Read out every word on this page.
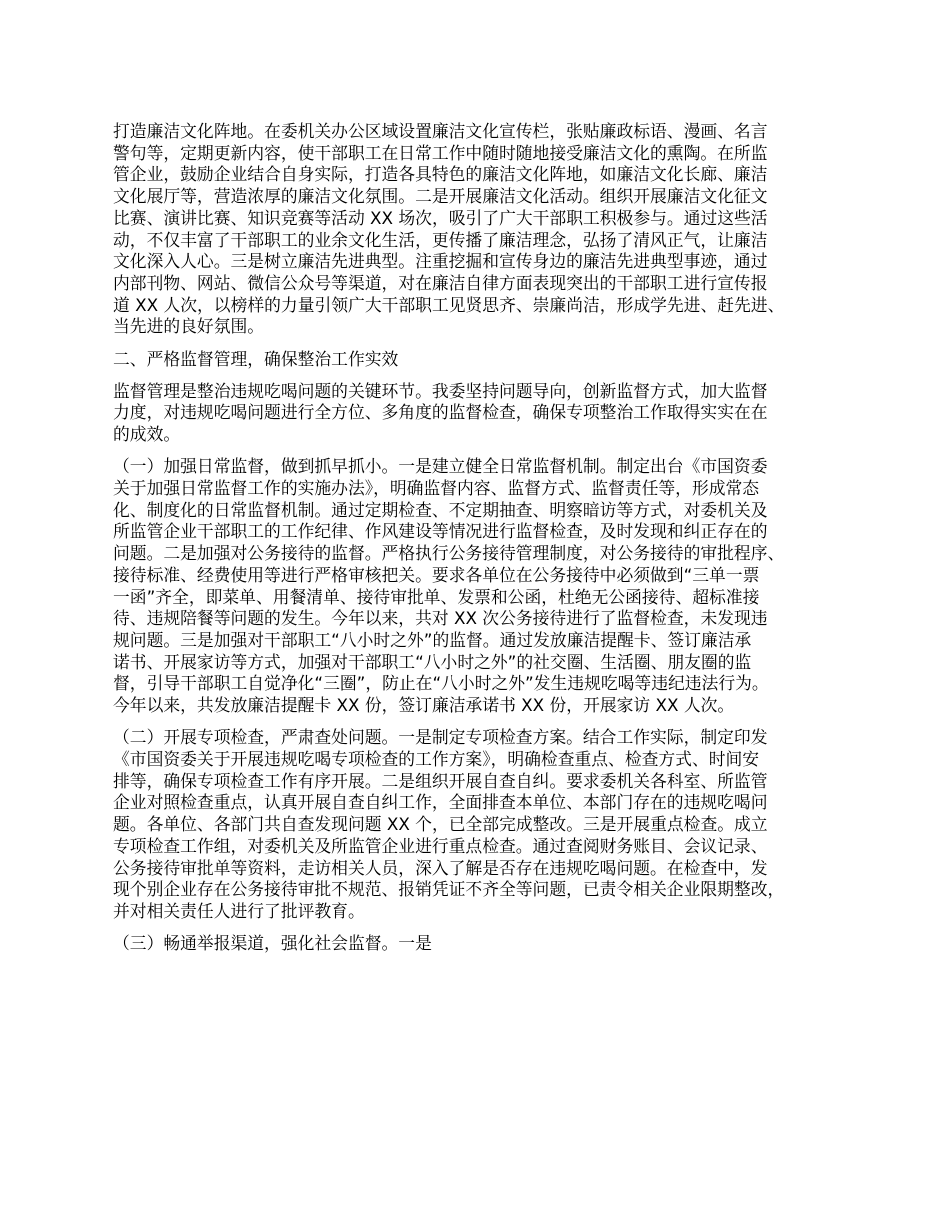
打造廉洁文化阵地。在委机关办公区域设置廉洁文化宣传栏，张贴廉政标语、漫画、名言
警句等，定期更新内容，使干部职工在日常工作中随时随地接受廉洁文化的熏陶。在所监
管企业，鼓励企业结合自身实际，打造各具特色的廉洁文化阵地，如廉洁文化长廊、廉洁
文化展厅等，营造浓厚的廉洁文化氛围。二是开展廉洁文化活动。组织开展廉洁文化征文
比赛、演讲比赛、知识竞赛等活动 XX 场次，吸引了广大干部职工积极参与。通过这些活
动，不仅丰富了干部职工的业余文化生活，更传播了廉洁理念，弘扬了清风正气，让廉洁
文化深入人心。三是树立廉洁先进典型。注重挖掘和宣传身边的廉洁先进典型事迹，通过
内部刊物、网站、微信公众号等渠道，对在廉洁自律方面表现突出的干部职工进行宣传报
道 XX 人次，以榜样的力量引领广大干部职工见贤思齐、崇廉尚洁，形成学先进、赶先进、
当先进的良好氛围。

二、严格监督管理，确保整治工作实效

监督管理是整治违规吃喝问题的关键环节。我委坚持问题导向，创新监督方式，加大监督
力度，对违规吃喝问题进行全方位、多角度的监督检查，确保专项整治工作取得实实在在
的成效。

（一）加强日常监督，做到抓早抓小。一是建立健全日常监督机制。制定出台《市国资委
关于加强日常监督工作的实施办法》，明确监督内容、监督方式、监督责任等，形成常态
化、制度化的日常监督机制。通过定期检查、不定期抽查、明察暗访等方式，对委机关及
所监管企业干部职工的工作纪律、作风建设等情况进行监督检查，及时发现和纠正存在的
问题。二是加强对公务接待的监督。严格执行公务接待管理制度，对公务接待的审批程序、
接待标准、经费使用等进行严格审核把关。要求各单位在公务接待中必须做到“三单一票
一函”齐全，即菜单、用餐清单、接待审批单、发票和公函，杜绝无公函接待、超标准接
待、违规陪餐等问题的发生。今年以来，共对 XX 次公务接待进行了监督检查，未发现违
规问题。三是加强对干部职工“八小时之外”的监督。通过发放廉洁提醒卡、签订廉洁承
诺书、开展家访等方式，加强对干部职工“八小时之外”的社交圈、生活圈、朋友圈的监
督，引导干部职工自觉净化“三圈”，防止在“八小时之外”发生违规吃喝等违纪违法行为。
今年以来，共发放廉洁提醒卡 XX 份，签订廉洁承诺书 XX 份，开展家访 XX 人次。

（二）开展专项检查，严肃查处问题。一是制定专项检查方案。结合工作实际，制定印发
《市国资委关于开展违规吃喝专项检查的工作方案》，明确检查重点、检查方式、时间安
排等，确保专项检查工作有序开展。二是组织开展自查自纠。要求委机关各科室、所监管
企业对照检查重点，认真开展自查自纠工作，全面排查本单位、本部门存在的违规吃喝问
题。各单位、各部门共自查发现问题 XX 个，已全部完成整改。三是开展重点检查。成立
专项检查工作组，对委机关及所监管企业进行重点检查。通过查阅财务账目、会议记录、
公务接待审批单等资料，走访相关人员，深入了解是否存在违规吃喝问题。在检查中，发
现个别企业存在公务接待审批不规范、报销凭证不齐全等问题，已责令相关企业限期整改，
并对相关责任人进行了批评教育。

（三）畅通举报渠道，强化社会监督。一是
